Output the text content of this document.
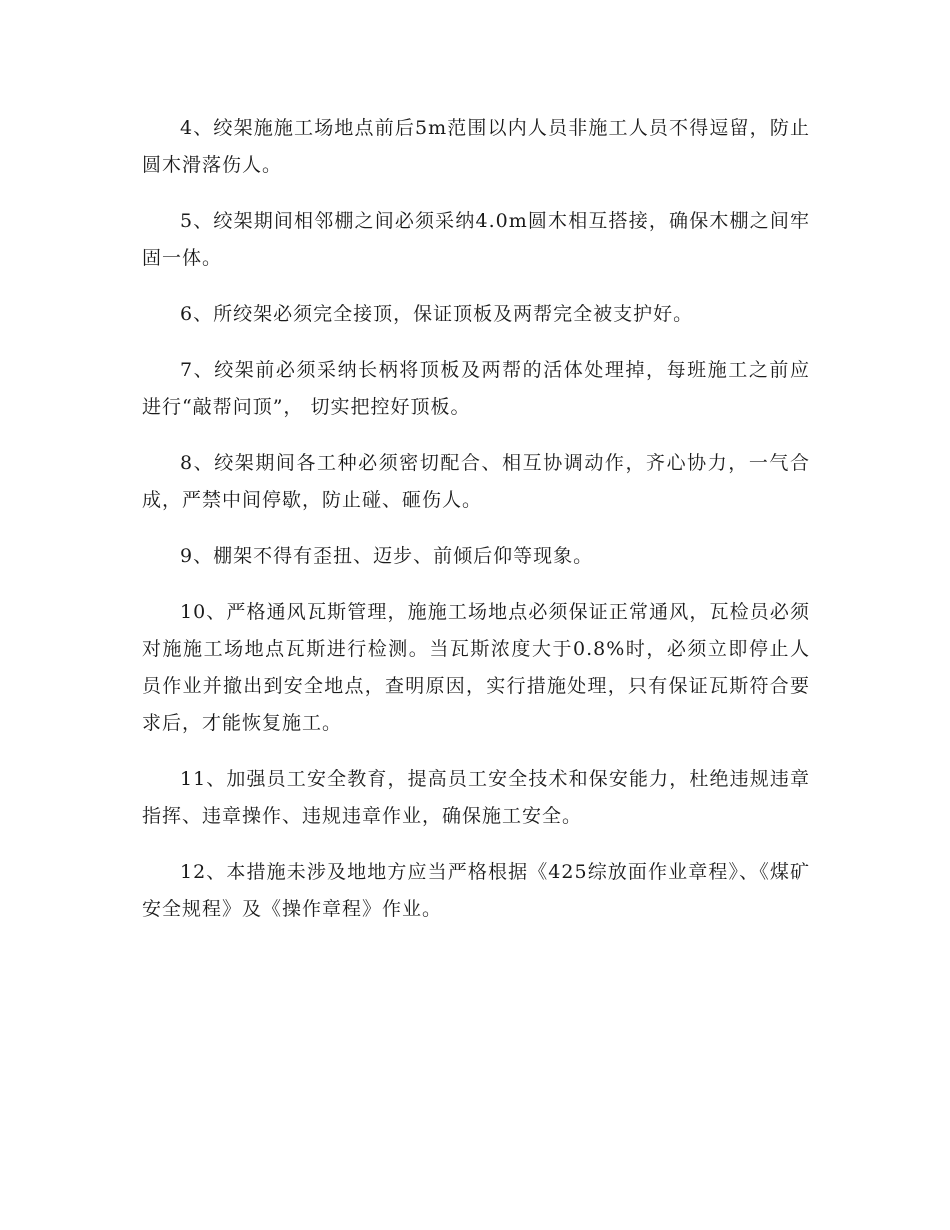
4、绞架施施工场地点前后5m范围以内人员非施工人员不得逗留，防止圆木滑落伤人。

5、绞架期间相邻棚之间必须采纳4.0m圆木相互搭接，确保木棚之间牢固一体。

6、所绞架必须完全接顶，保证顶板及两帮完全被支护好。

7、绞架前必须采纳长柄将顶板及两帮的活体处理掉，每班施工之前应进行“敲帮问顶”， 切实把控好顶板。

8、绞架期间各工种必须密切配合、相互协调动作，齐心协力，一气合成，严禁中间停歇，防止碰、砸伤人。

9、棚架不得有歪扭、迈步、前倾后仰等现象。

10、严格通风瓦斯管理，施施工场地点必须保证正常通风，瓦检员必须对施施工场地点瓦斯进行检测。当瓦斯浓度大于0.8%时，必须立即停止人员作业并撤出到安全地点，查明原因，实行措施处理，只有保证瓦斯符合要求后，才能恢复施工。

11、加强员工安全教育，提高员工安全技术和保安能力，杜绝违规违章指挥、违章操作、违规违章作业，确保施工安全。

12、本措施未涉及地地方应当严格根据《425综放面作业章程》、《煤矿安全规程》及《操作章程》作业。
